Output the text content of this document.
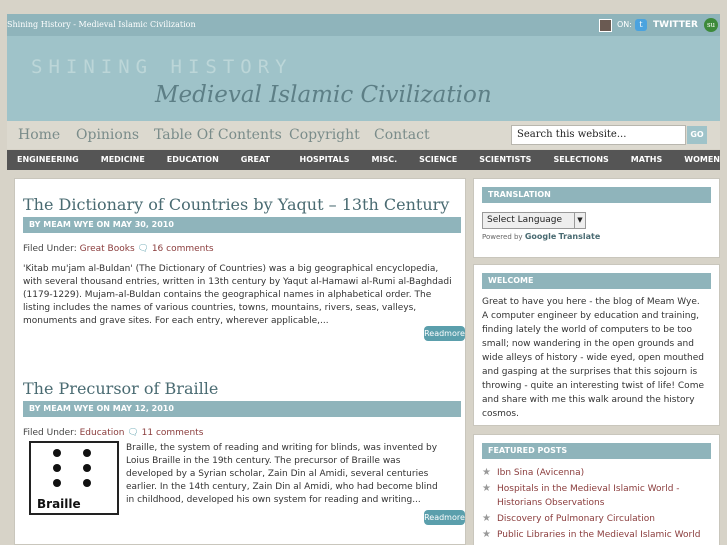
Shining History - Medieval Islamic Civilization	ON: t	TWITTER	su
SHINING HISTORY
Medieval Islamic Civilization
Home Opinions Table Of Contents Copyright Contact	Search this website...	GO
ENGINEERING	MEDICINE	EDUCATION	GREAT	HOSPITALS	MISC.	SCIENCE	SCIENTISTS	SELECTIONS	MATHS	WOMEN
The Dictionary of Countries by Yaqut – 13th Century
BY MEAM WYE ON MAY 30, 2010
Filed Under: Great Books 🗨 16 comments
'Kitab mu'jam al-Buldan' (The Dictionary of Countries) was a big geographical encyclopedia, with several thousand entries, written in 13th century by Yaqut al-Hamawi al-Rumi al-Baghdadi (1179-1229). Mujam-al-Buldan contains the geographical names in alphabetical order. The listing includes the names of various countries, towns, mountains, rivers, seas, valleys, monuments and grave sites. For each entry, wherever applicable,...
Readmore
The Precursor of Braille
BY MEAM WYE ON MAY 12, 2010
Filed Under: Education 🗨 11 comments
Braille
Braille, the system of reading and writing for blinds, was invented by Loius Braille in the 19th century. The precursor of Braille was developed by a Syrian scholar, Zain Din al Amidi, several centuries earlier. In the 14th century, Zain Din al Amidi, who had become blind in childhood, developed his own system for reading and writing...
Readmore
TRANSLATION
Select Language	▼
Powered by Google Translate
WELCOME
Great to have you here - the blog of Meam Wye. A computer engineer by education and training, finding lately the world of computers to be too small; now wandering in the open grounds and wide alleys of history - wide eyed, open mouthed and gasping at the surprises that this sojourn is throwing - quite an interesting twist of life! Come and share with me this walk around the history cosmos.
FEATURED POSTS
★ Ibn Sina (Avicenna)
★ Hospitals in the Medieval Islamic World - Historians Observations
★ Discovery of Pulmonary Circulation
★ Public Libraries in the Medieval Islamic World
